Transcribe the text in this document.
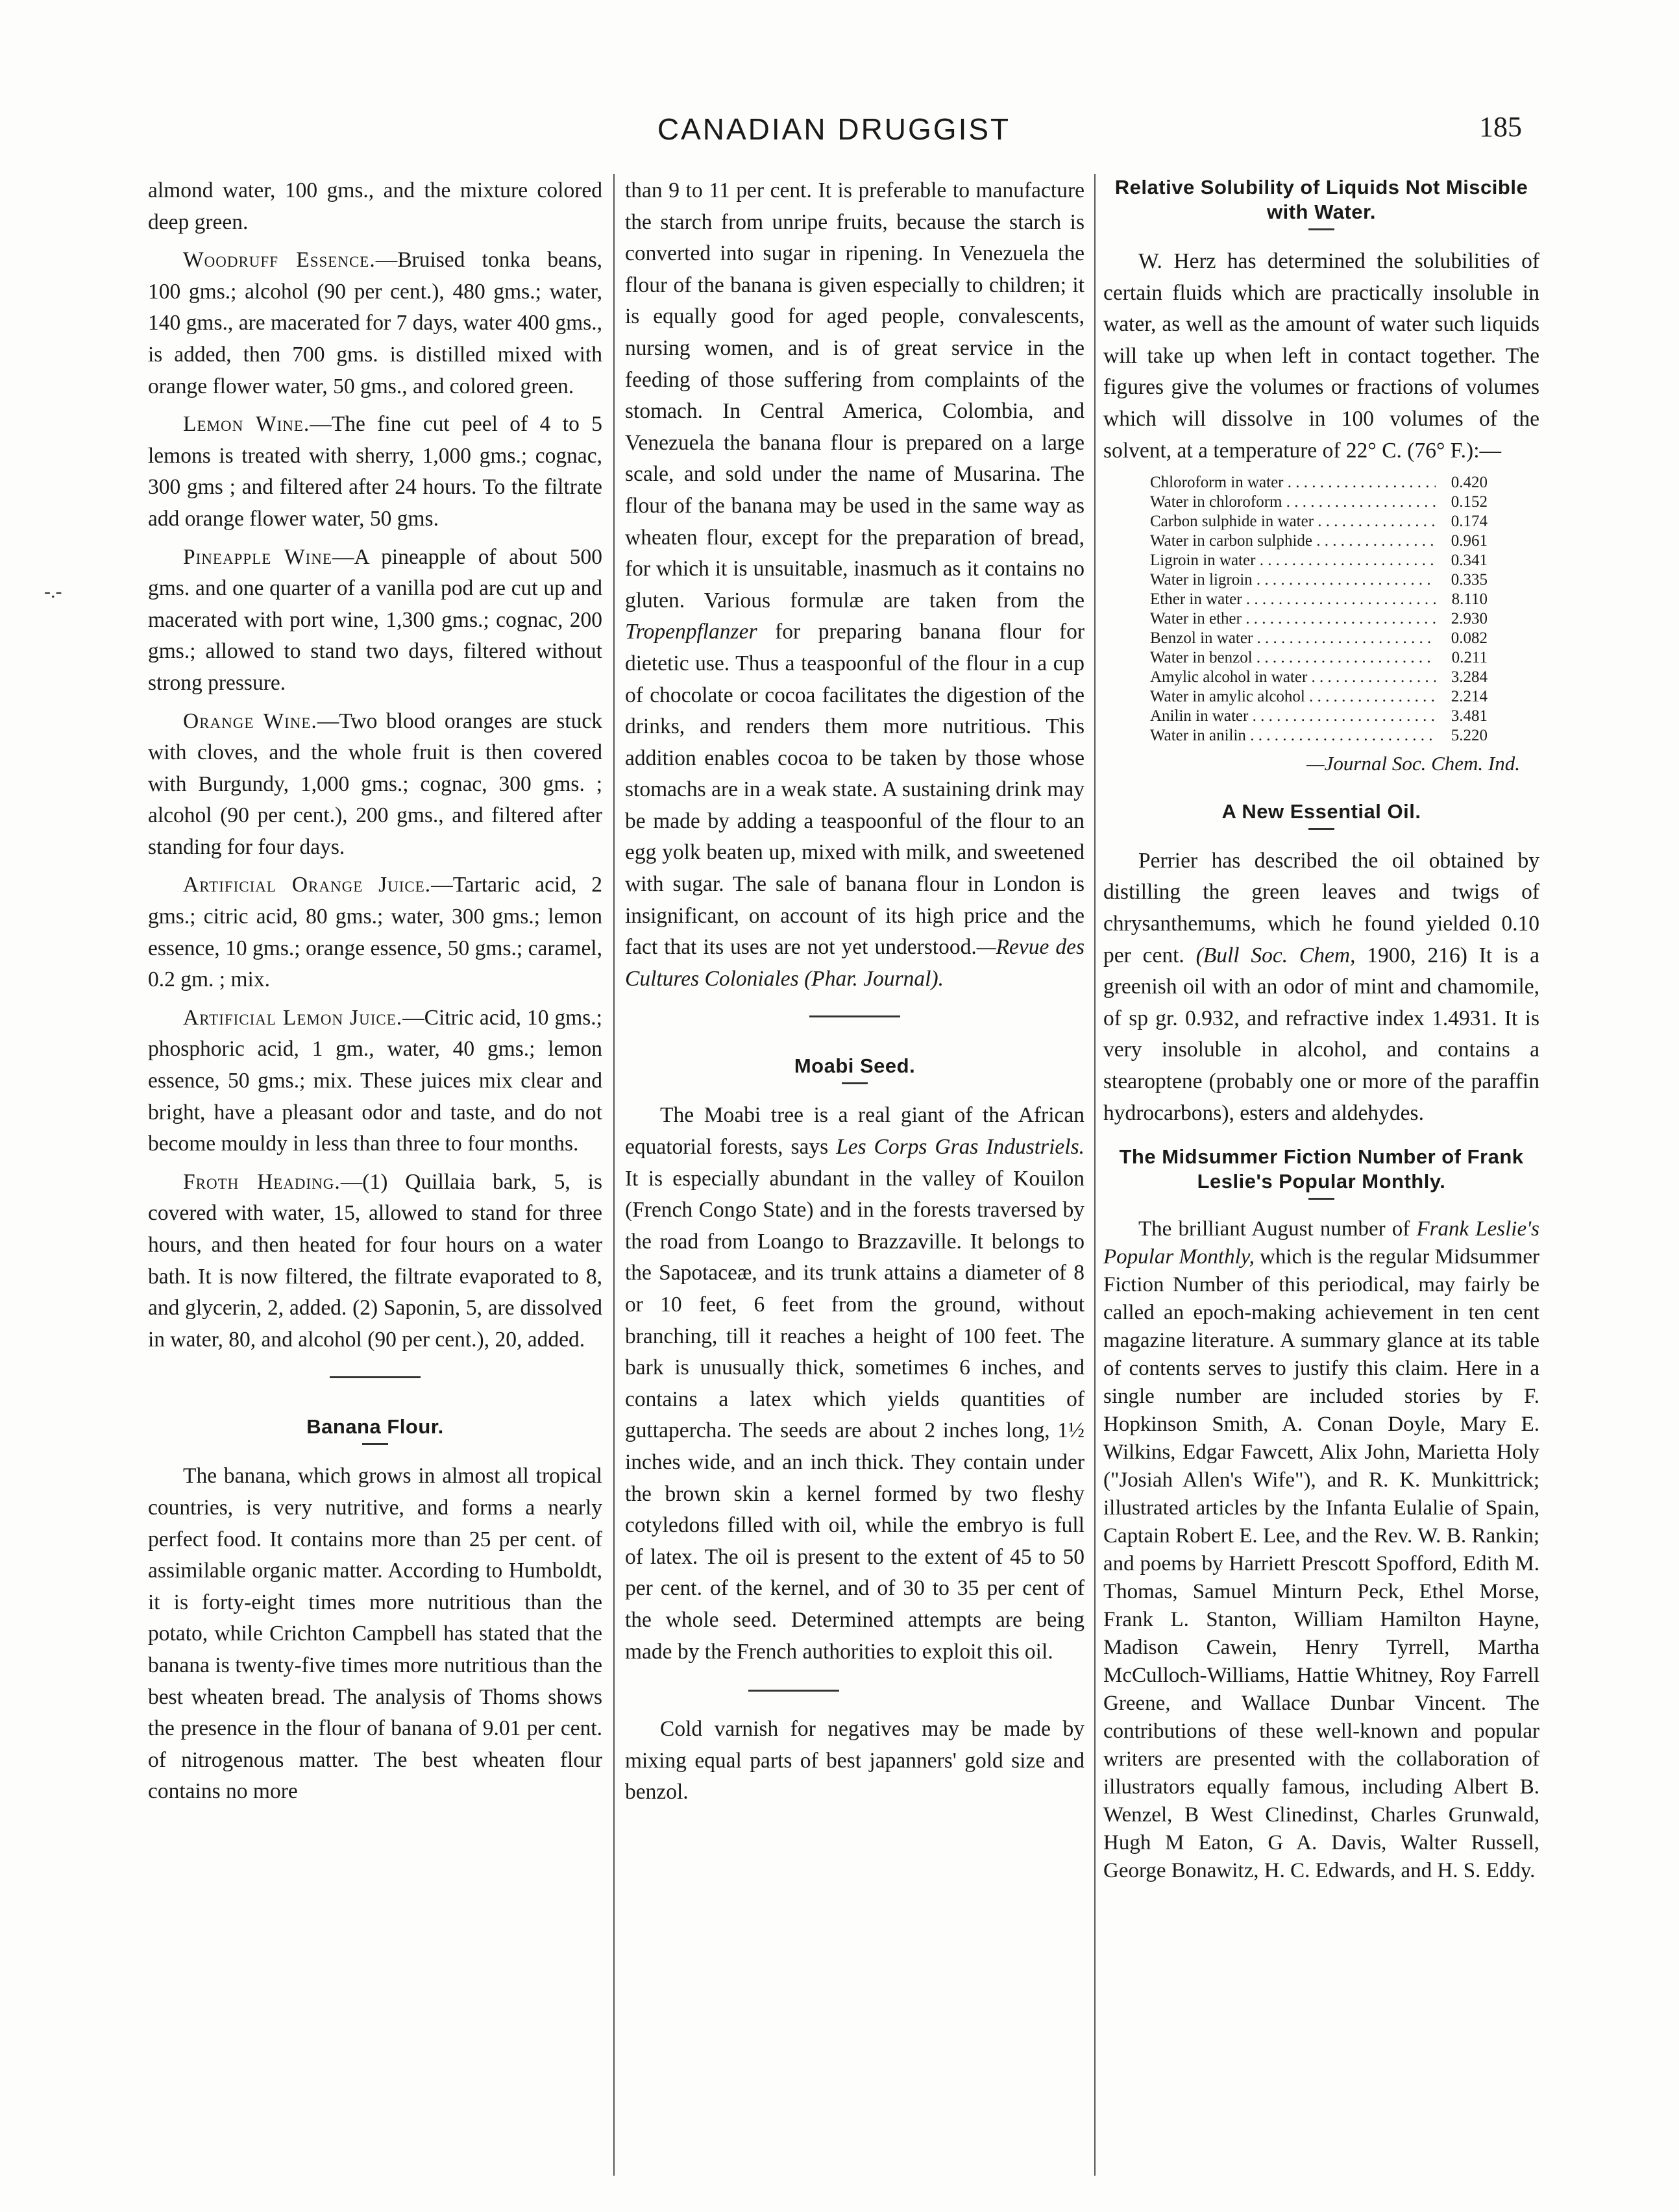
CANADIAN DRUGGIST	185
-.-

almond water, 100 gms., and the mixture colored deep green.

Woodruff Essence.—Bruised tonka beans, 100 gms.; alcohol (90 per cent.), 480 gms.; water, 140 gms., are macerated for 7 days, water 400 gms., is added, then 700 gms. is distilled mixed with orange flower water, 50 gms., and colored green.

Lemon Wine.—The fine cut peel of 4 to 5 lemons is treated with sherry, 1,000 gms.; cognac, 300 gms ; and filtered after 24 hours. To the filtrate add orange flower water, 50 gms.

Pineapple Wine—A pineapple of about 500 gms. and one quarter of a vanilla pod are cut up and macerated with port wine, 1,300 gms.; cognac, 200 gms.; allowed to stand two days, filtered without strong pressure.

Orange Wine.—Two blood oranges are stuck with cloves, and the whole fruit is then covered with Burgundy, 1,000 gms.; cognac, 300 gms. ; alcohol (90 per cent.), 200 gms., and filtered after standing for four days.

Artificial Orange Juice.—Tartaric acid, 2 gms.; citric acid, 80 gms.; water, 300 gms.; lemon essence, 10 gms.; orange essence, 50 gms.; caramel, 0.2 gm. ; mix.

Artificial Lemon Juice.—Citric acid, 10 gms.; phosphoric acid, 1 gm., water, 40 gms.; lemon essence, 50 gms.; mix. These juices mix clear and bright, have a pleasant odor and taste, and do not become mouldy in less than three to four months.

Froth Heading.—(1) Quillaia bark, 5, is covered with water, 15, allowed to stand for three hours, and then heated for four hours on a water bath. It is now filtered, the filtrate evaporated to 8, and glycerin, 2, added. (2) Saponin, 5, are dissolved in water, 80, and alcohol (90 per cent.), 20, added.

Banana Flour.

The banana, which grows in almost all tropical countries, is very nutritive, and forms a nearly perfect food. It contains more than 25 per cent. of assimilable organic matter. According to Humboldt, it is forty-eight times more nutritious than the potato, while Crichton Campbell has stated that the banana is twenty-five times more nutritious than the best wheaten bread. The analysis of Thoms shows the presence in the flour of banana of 9.01 per cent. of nitrogenous matter. The best wheaten flour contains no more

than 9 to 11 per cent. It is preferable to manufacture the starch from unripe fruits, because the starch is converted into sugar in ripening. In Venezuela the flour of the banana is given especially to children; it is equally good for aged people, convalescents, nursing women, and is of great service in the feeding of those suffering from complaints of the stomach. In Central America, Colombia, and Venezuela the banana flour is prepared on a large scale, and sold under the name of Musarina. The flour of the banana may be used in the same way as wheaten flour, except for the preparation of bread, for which it is unsuitable, inasmuch as it contains no gluten. Various formulæ are taken from the Tropenpflanzer for preparing banana flour for dietetic use. Thus a teaspoonful of the flour in a cup of chocolate or cocoa facilitates the digestion of the drinks, and renders them more nutritious. This addition enables cocoa to be taken by those whose stomachs are in a weak state. A sustaining drink may be made by adding a teaspoonful of the flour to an egg yolk beaten up, mixed with milk, and sweetened with sugar. The sale of banana flour in London is insignificant, on account of its high price and the fact that its uses are not yet understood.—Revue des Cultures Coloniales (Phar. Journal).

Moabi Seed.

The Moabi tree is a real giant of the African equatorial forests, says Les Corps Gras Industriels. It is especially abundant in the valley of Kouilon (French Congo State) and in the forests traversed by the road from Loango to Brazzaville. It belongs to the Sapotaceæ, and its trunk attains a diameter of 8 or 10 feet, 6 feet from the ground, without branching, till it reaches a height of 100 feet. The bark is unusually thick, sometimes 6 inches, and contains a latex which yields quantities of guttapercha. The seeds are about 2 inches long, 1½ inches wide, and an inch thick. They contain under the brown skin a kernel formed by two fleshy cotyledons filled with oil, while the embryo is full of latex. The oil is present to the extent of 45 to 50 per cent. of the kernel, and of 30 to 35 per cent of the whole seed. Determined attempts are being made by the French authorities to exploit this oil.

Cold varnish for negatives may be made by mixing equal parts of best japanners' gold size and benzol.

Relative Solubility of Liquids Not Miscible with Water.

W. Herz has determined the solubilities of certain fluids which are practically insoluble in water, as well as the amount of water such liquids will take up when left in contact together. The figures give the volumes or fractions of volumes which will dissolve in 100 volumes of the solvent, at a temperature of 22° C. (76° F.):—

Chloroform in water . . .	0.420
Water in chloroform . . .	0.152
Carbon sulphide in water . . .	0.174
Water in carbon sulphide . . .	0.961
Ligroin in water . . .	0.341
Water in ligroin . . .	0.335
Ether in water . . .	8.110
Water in ether . . .	2.930
Benzol in water . . .	0.082
Water in benzol . . .	0.211
Amylic alcohol in water . . .	3.284
Water in amylic alcohol . . .	2.214
Anilin in water . . .	3.481
Water in anilin . . .	5.220
—Journal Soc. Chem. Ind.
A New Essential Oil.

Perrier has described the oil obtained by distilling the green leaves and twigs of chrysanthemums, which he found yielded 0.10 per cent. (Bull Soc. Chem, 1900, 216) It is a greenish oil with an odor of mint and chamomile, of sp gr. 0.932, and refractive index 1.4931. It is very insoluble in alcohol, and contains a stearoptene (probably one or more of the paraffin hydrocarbons), esters and aldehydes.

The Midsummer Fiction Number of Frank Leslie's Popular Monthly.

The brilliant August number of Frank Leslie's Popular Monthly, which is the regular Midsummer Fiction Number of this periodical, may fairly be called an epoch-making achievement in ten cent magazine literature. A summary glance at its table of contents serves to justify this claim. Here in a single number are included stories by F. Hopkinson Smith, A. Conan Doyle, Mary E. Wilkins, Edgar Fawcett, Alix John, Marietta Holy ("Josiah Allen's Wife"), and R. K. Munkittrick; illustrated articles by the Infanta Eulalie of Spain, Captain Robert E. Lee, and the Rev. W. B. Rankin; and poems by Harriett Prescott Spofford, Edith M. Thomas, Samuel Minturn Peck, Ethel Morse, Frank L. Stanton, William Hamilton Hayne, Madison Cawein, Henry Tyrrell, Martha McCulloch-Williams, Hattie Whitney, Roy Farrell Greene, and Wallace Dunbar Vincent. The contributions of these well-known and popular writers are presented with the collaboration of illustrators equally famous, including Albert B. Wenzel, B West Clinedinst, Charles Grunwald, Hugh M Eaton, G A. Davis, Walter Russell, George Bonawitz, H. C. Edwards, and H. S. Eddy.
